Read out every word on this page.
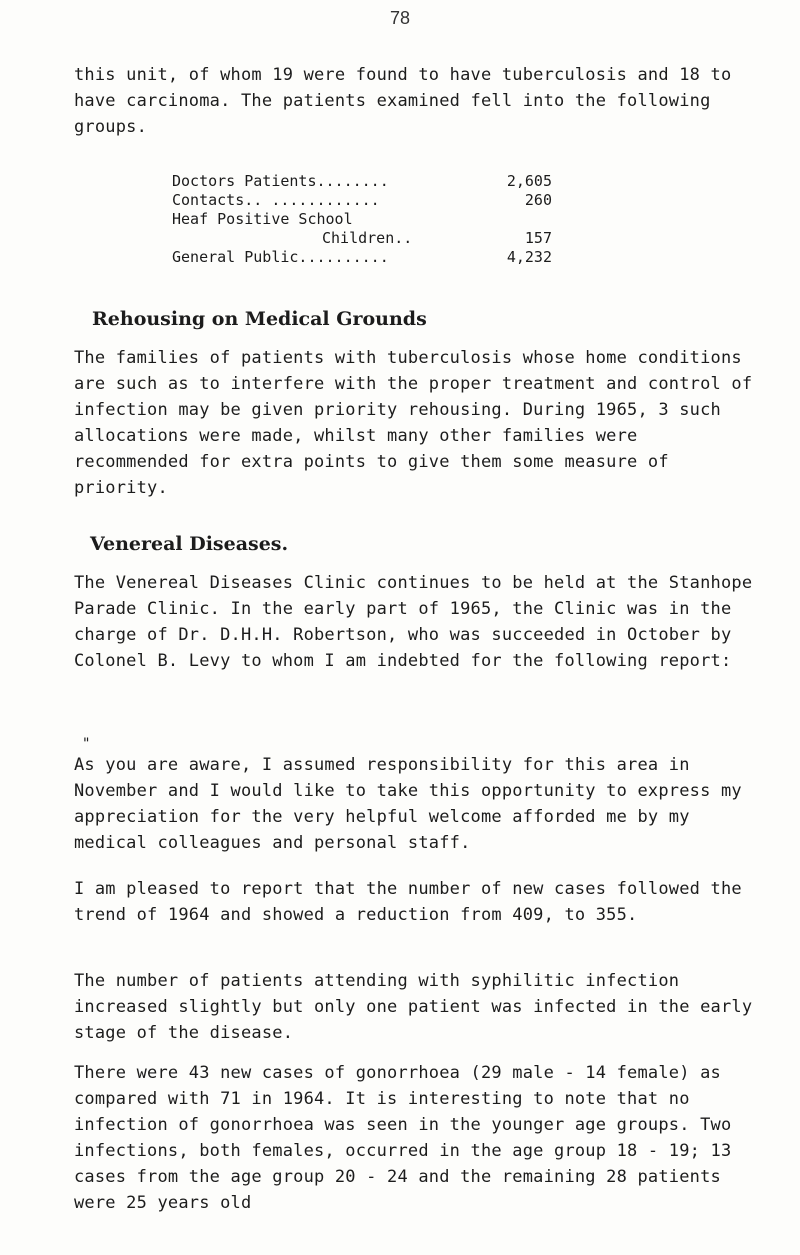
78

this unit, of whom 19 were found to have tuberculosis and 18 to have carcinoma. The patients examined fell into the following groups.

Doctors Patients........	2,605
Contacts.. ............	260
Heaf Positive School
Children..	157
General Public..........	4,232
Rehousing on Medical Grounds

The families of patients with tuberculosis whose home conditions are such as to interfere with the proper treatment and control of infection may be given priority rehousing. During 1965, 3 such allocations were made, whilst many other families were recommended for extra points to give them some measure of priority.

Venereal Diseases.

The Venereal Diseases Clinic continues to be held at the Stanhope Parade Clinic. In the early part of 1965, the Clinic was in the charge of Dr. D.H.H. Robertson, who was succeeded in October by Colonel B. Levy to whom I am indebted for the following report:

"

As you are aware, I assumed responsibility for this area in November and I would like to take this opportunity to express my appreciation for the very helpful welcome afforded me by my medical colleagues and personal staff.

I am pleased to report that the number of new cases followed the trend of 1964 and showed a reduction from 409, to 355.

The number of patients attending with syphilitic infection increased slightly but only one patient was infected in the early stage of the disease.

There were 43 new cases of gonorrhoea (29 male - 14 female) as compared with 71 in 1964. It is interesting to note that no infection of gonorrhoea was seen in the younger age groups. Two infections, both females, occurred in the age group 18 - 19; 13 cases from the age group 20 - 24 and the remaining 28 patients were 25 years old
